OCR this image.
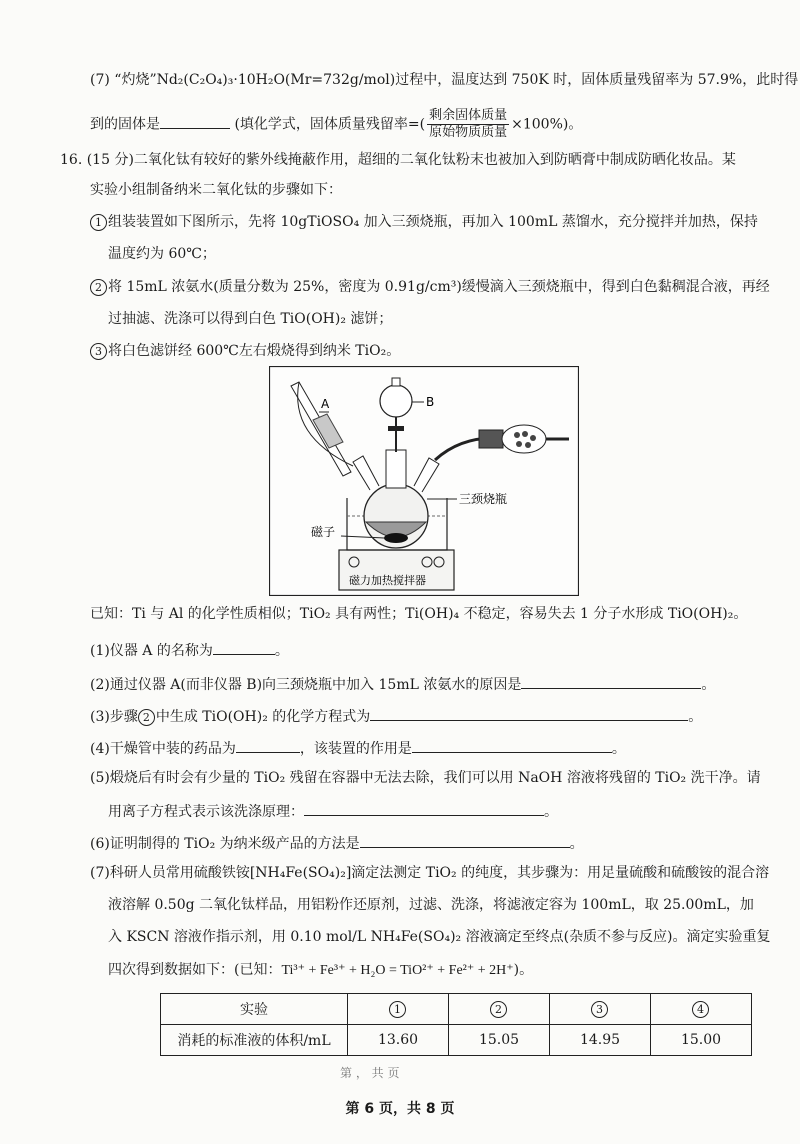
(7) “灼烧”Nd₂(C₂O₄)₃·10H₂O(Mr=732g/mol)过程中，温度达到 750K 时，固体质量残留率为 57.9%，此时得
到的固体是	(填化学式，固体质量残留率=( $\frac{\text{剩余固体质量}}{\text{原始物质质量}} \times 100\%$)。
16. (15 分)二氧化钛有较好的紫外线掩蔽作用，超细的二氧化钛粉末也被加入到防晒膏中制成防晒化妆品。某
实验小组制备纳米二氧化钛的步骤如下：
1 组装装置如下图所示，先将 10gTiOSO₄ 加入三颈烧瓶，再加入 100mL 蒸馏水，充分搅拌并加热，保持
温度约为 60℃；
2 将 15mL 浓氨水(质量分数为 25%，密度为 0.91g/cm³)缓慢滴入三颈烧瓶中，得到白色黏稠混合液，再经
过抽滤、洗涤可以得到白色 TiO(OH)₂ 滤饼；
3 将白色滤饼经 600℃左右煅烧得到纳米 TiO₂。
磁力加热搅拌器
B
A
三颈烧瓶
磁子
已知：Ti 与 Al 的化学性质相似；TiO₂ 具有两性；Ti(OH)₄ 不稳定，容易失去 1 分子水形成 TiO(OH)₂。
(1)仪器 A 的名称为	。
(2)通过仪器 A(而非仪器 B)向三颈烧瓶中加入 15mL 浓氨水的原因是	。
(3)步骤 2 中生成 TiO(OH)₂ 的化学方程式为	。
(4)干燥管中装的药品为	，该装置的作用是	。
(5)煅烧后有时会有少量的 TiO₂ 残留在容器中无法去除，我们可以用 NaOH 溶液将残留的 TiO₂ 洗干净。请
用离子方程式表示该洗涤原理：	。
(6)证明制得的 TiO₂ 为纳米级产品的方法是	。
(7)科研人员常用硫酸铁铵[NH₄Fe(SO₄)₂]滴定法测定 TiO₂ 的纯度，其步骤为：用足量硫酸和硫酸铵的混合溶
液溶解 0.50g 二氧化钛样品，用铝粉作还原剂，过滤、洗涤，将滤液定容为 100mL，取 25.00mL，加
入 KSCN 溶液作指示剂，用 0.10 mol/L NH₄Fe(SO₄)₂ 溶液滴定至终点(杂质不参与反应)。滴定实验重复
四次得到数据如下：(已知：Ti³⁺ + Fe³⁺ + H₂O = TiO²⁺ + Fe²⁺ + 2H⁺)。
实验	1	2	3	4
消耗的标准液的体积/mL	13.60	15.05	14.95	15.00
第 ， 共 页
第 6 页，共 8 页
